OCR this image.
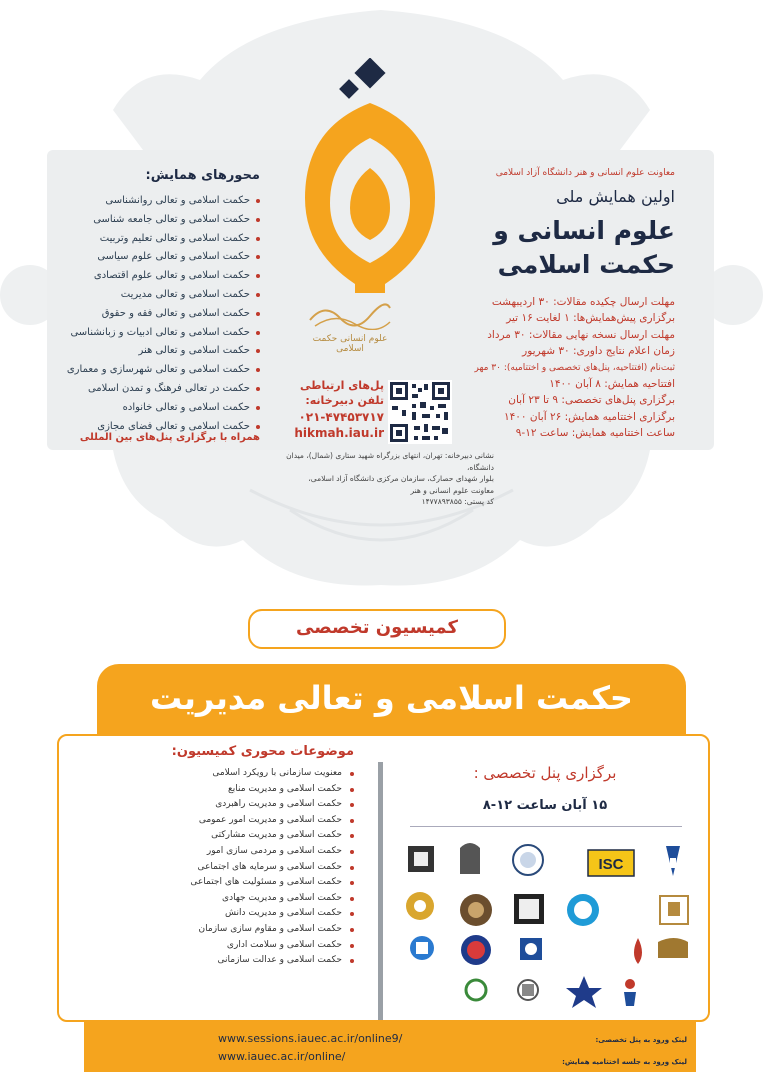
علوم انسانی حکمت اسلامی
معاونت علوم انسانی و هنر دانشگاه آزاد اسلامی
اولین همایش ملی
علوم انسانی و
حکمت اسلامی
مهلت ارسال چکیده مقالات: ۳۰ اردیبهشت
برگزاری پیش‌همایش‌ها: ۱ لغایت ۱۶ تیر
مهلت ارسال نسخه نهایی مقالات: ۳۰ مرداد
زمان اعلام نتایج داوری: ۳۰ شهریور
ثبت‌نام (افتتاحیه، پنل‌های تخصصی و اختتامیه): ۳۰ مهر
افتتاحیه همایش: ۸ آبان ۱۴۰۰
برگزاری پنل‌های تخصصی: ۹ تا ۲۳ آبان
برگزاری اختتامیه همایش: ۲۶ آبان ۱۴۰۰
ساعت اختتامیه همایش: ساعت ۱۲-۹
محورهای همایش:
حکمت اسلامی و تعالی روانشناسی
حکمت اسلامی و تعالی جامعه شناسی
حکمت اسلامی و تعالی تعلیم وتربیت
حکمت اسلامی و تعالی علوم سیاسی
حکمت اسلامی و تعالی علوم اقتصادی
حکمت اسلامی و تعالی مدیریت
حکمت اسلامی و تعالی فقه و حقوق
حکمت اسلامی و تعالی ادبیات و زبانشناسی
حکمت اسلامی و تعالی هنر
حکمت اسلامی و تعالی شهرسازی و معماری
حکمت در تعالی فرهنگ و تمدن اسلامی
حکمت اسلامی و تعالی خانواده
حکمت اسلامی و تعالی فضای مجازی
همراه با برگزاری پنل‌های بین المللی
پل‌های ارتباطی
تلفن دبیرخانه:
۰۲۱-۴۷۴۵۳۷۱۷
hikmah.iau.ir
نشانی دبیرخانه: تهران، انتهای بزرگراه شهید ستاری (شمال)، میدان دانشگاه،
بلوار شهدای حصارک، سازمان مرکزی دانشگاه آزاد اسلامی،
معاونت علوم انسانی و هنر
کد پستی: ۱۴۷۷۸۹۳۸۵۵
کمیسیون تخصصی
حکمت اسلامی و تعالی مدیریت
موضوعات محوری کمیسیون:
معنویت سازمانی با رویکرد اسلامی
حکمت اسلامی و مدیریت منابع
حکمت اسلامی و مدیریت راهبردی
حکمت اسلامی و مدیریت امور عمومی
حکمت اسلامی و مدیریت مشارکتی
حکمت اسلامی و مردمی سازی امور
حکمت اسلامی و سرمایه های اجتماعی
حکمت اسلامی و مسئولیت های اجتماعی
حکمت اسلامی و مدیریت جهادی
حکمت اسلامی و مدیریت دانش
حکمت اسلامی و مقاوم سازی سازمان
حکمت اسلامی و سلامت اداری
حکمت اسلامی و عدالت سازمانی
برگزاری پنل تخصصی :
۱۵ آبان ساعت ۱۲-۸
ISC
لینک ورود به پنل تخصصی:
لینک ورود به جلسه اختتامیه همایش:
www.sessions.iauec.ac.ir/online9/
www.iauec.ac.ir/online/
